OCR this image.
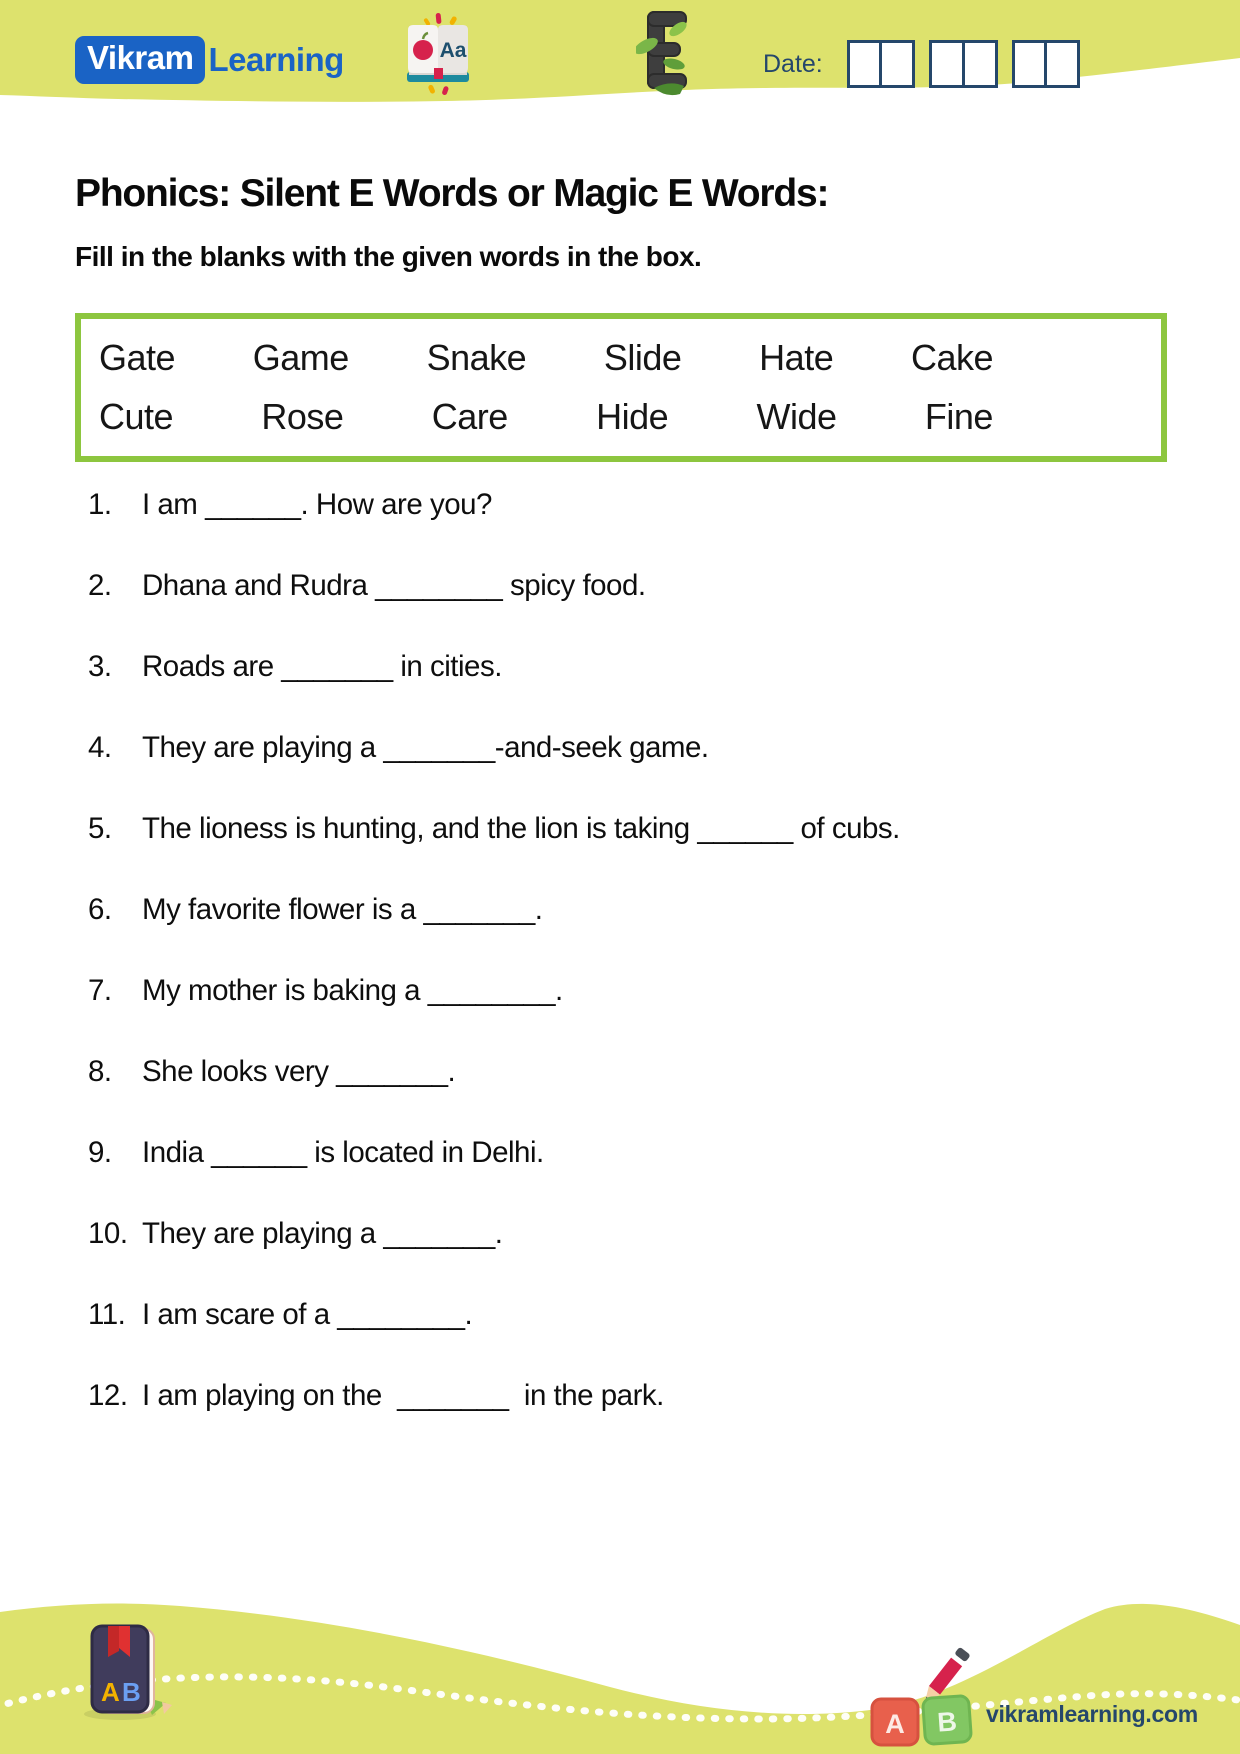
Vikram Learning	Aa	Date:
Phonics: Silent E Words or Magic E Words:
Fill in the blanks with the given words in the box.
Gate Game Snake Slide Hate Cake
Cute Rose Care Hide Wide Fine
1.	I am ______. How are you?
2.	Dhana and Rudra ________ spicy food.
3.	Roads are _______ in cities.
4.	They are playing a _______-and-seek game.
5.	The lioness is hunting, and the lion is taking ______ of cubs.
6.	My favorite flower is a _______.
7.	My mother is baking a ________.
8.	She looks very _______.
9.	India ______ is located in Delhi.
10. They are playing a _______.
11. I am scare of a ________.
12. I am playing on the  _______  in the park.
A B
A B vikramlearning.com
